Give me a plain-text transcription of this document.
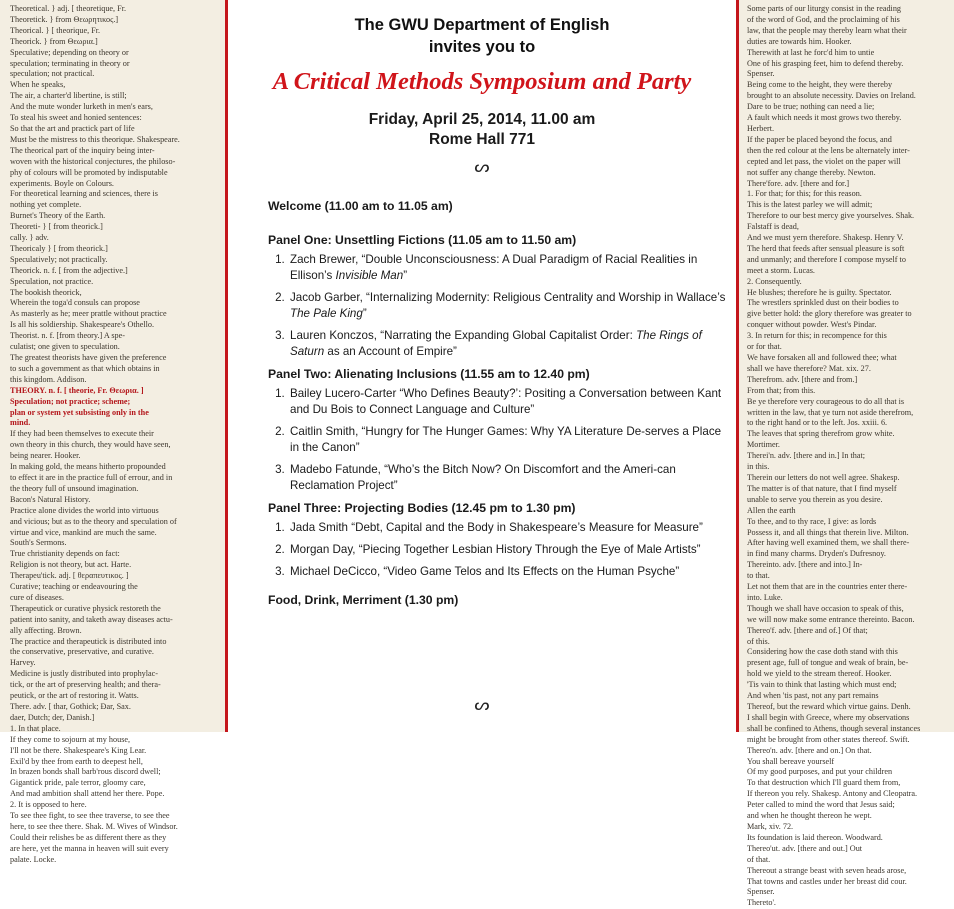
Theoretical. } adj. [ theoretique, Fr.
Theoretick. } from Θεωρητικος.]
Theorical. } [ theorique, Fr.
Theorick. } from Θεωρια.]
Speculative; depending on theory or
speculation; terminating in theory or
speculation; not practical.
When he speaks,
The air, a charter'd libertine, is still;
And the mute wonder lurketh in men's ears,
To steal his sweet and honied sentences:
So that the art and practick part of life
Must be the mistress to this theorique. Shakespeare.
The theorical part of the inquiry being inter-
woven with the historical conjectures, the philoso-
phy of colours will be promoted by indisputable
experiments. Boyle on Colours.
For theoretical learning and sciences, there is
nothing yet complete.
Burnet's Theory of the Earth.
Theoreti- } [ from theorick.]
cally. } adv.
Theoricaly } [ from theorick.]
Speculatively; not practically.
Theorick. n. f. [ from the adjective.]
Speculation, not practice.
The bookish theorick,
Wherein the toga'd consuls can propose
As masterly as he; meer prattle without practice
Is all his soldiership. Shakespeare's Othello.
Theorist. n. f. [from theory.] A spe-
culatist; one given to speculation.
The greatest theorists have given the preference
to such a government as that which obtains in
this kingdom. Addison.
THEORY. n. f. [ theorie, Fr. Θεωρια. ]
Speculation; not practice; scheme;
plan or system yet subsisting only in the
mind.
If they had been themselves to execute their
own theory in this church, they would have seen,
being nearer. Hooker.
In making gold, the means hitherto propounded
to effect it are in the practice full of errour, and in
the theory full of unsound imagination.
Bacon's Natural History.
Practice alone divides the world into virtuous
and vicious; but as to the theory and speculation of
virtue and vice, mankind are much the same.
South's Sermons.
True christianity depends on fact:
Religion is not theory, but act. Harte.
Therapeu'tick. adj. [ θεραπευτικος. ]
Curative; teaching or endeavouring the
cure of diseases.
Therapeutick or curative physick restoreth the
patient into sanity, and taketh away diseases actu-
ally affecting. Brown.
The practice and therapeutick is distributed into
the conservative, preservative, and curative.
Harvey.
Medicine is justly distributed into prophylac-
tick, or the art of preserving health; and thera-
peutick, or the art of restoring it. Watts.
There. adv. [ thar, Gothick; Ɖar, Sax.
daer, Dutch; der, Danish.]
1. In that place.
If they come to sojourn at my house,
I'll not be there. Shakespeare's King Lear.
Exil'd by thee from earth to deepest hell,
In brazen bonds shall barb'rous discord dwell;
Gigantick pride, pale terror, gloomy care,
And mad ambition shall attend her there. Pope.
2. It is opposed to here.
To see thee fight, to see thee traverse, to see thee
here, to see thee there. Shak. M. Wives of Windsor.
Could their relishes be as different there as they
are here, yet the manna in heaven will suit every
palate. Locke.
The GWU Department of English
invites you to
A Critical Methods Symposium and Party
Friday, April 25, 2014, 11.00 am
Rome Hall 771
ᔕ
Welcome (11.00 am to 11.05 am)
Panel One: Unsettling Fictions (11.05 am to 11.50 am)
1. Zach Brewer, “Double Unconsciousness: A Dual Paradigm of Racial Realities in Ellison’s Invisible Man”
2. Jacob Garber, “Internalizing Modernity: Religious Centrality and Worship in Wallace’s The Pale King”
3. Lauren Konczos, “Narrating the Expanding Global Capitalist Order: The Rings of Saturn as an Account of Empire”
Panel Two: Alienating Inclusions (11.55 am to 12.40 pm)
1. Bailey Lucero-Carter “Who Defines Beauty?’: Positing a Conversation between Kant and Du Bois to Connect Language and Culture”
2. Caitlin Smith, “Hungry for The Hunger Games: Why YA Literature De-serves a Place in the Canon”
3. Madebo Fatunde, “Who’s the Bitch Now? On Discomfort and the Ameri-can Reclamation Project”
Panel Three: Projecting Bodies (12.45 pm to 1.30 pm)
1. Jada Smith “Debt, Capital and the Body in Shakespeare’s Measure for Measure”
2. Morgan Day, “Piecing Together Lesbian History Through the Eye of Male Artists”
3. Michael DeCicco, “Video Game Telos and Its Effects on the Human Psyche”
Food, Drink, Merriment (1.30 pm)
ᔕ
Some parts of our liturgy consist in the reading
of the word of God, and the proclaiming of his
law, that the people may thereby learn what their
duties are towards him. Hooker.
Therewith at last he forc'd him to untie
One of his grasping feet, him to defend thereby.
Spenser.
Being come to the height, they were thereby
brought to an absolute necessity. Davies on Ireland.
Dare to be true; nothing can need a lie;
A fault which needs it most grows two thereby.
Herbert.
If the paper be placed beyond the focus, and
then the red colour at the lens be alternately inter-
cepted and let pass, the violet on the paper will
not suffer any change thereby. Newton.
There'fore. adv. [there and for.]
1. For that; for this; for this reason.
This is the latest parley we will admit;
Therefore to our best mercy give yourselves. Shak.
Falstaff is dead,
And we must yern therefore. Shakesp. Henry V.
The herd that feeds after sensual pleasure is soft
and unmanly; and therefore I compose myself to
meet a storm. Lucas.
2. Consequently.
He blushes; therefore he is guilty. Spectator.
The wrestlers sprinkled dust on their bodies to
give better hold: the glory therefore was greater to
conquer without powder. West's Pindar.
3. In return for this; in recompence for this
or for that.
We have forsaken all and followed thee; what
shall we have therefore? Mat. xix. 27.
Therefrom. adv. [there and from.]
From that; from this.
Be ye therefore very courageous to do all that is
written in the law, that ye turn not aside therefrom,
to the right hand or to the left. Jos. xxiii. 6.
The leaves that spring therefrom grow white.
Mortimer.
Therei'n. adv. [there and in.] In that;
in this.
Therein our letters do not well agree. Shakesp.
The matter is of that nature, that I find myself
unable to serve you therein as you desire.
Allen the earth
To thee, and to thy race, I give: as lords
Possess it, and all things that therein live. Milton.
After having well examined them, we shall there-
in find many charms. Dryden's Dufresnoy.
Thereinto. adv. [there and into.] In-
to that.
Let not them that are in the countries enter there-
into. Luke.
Though we shall have occasion to speak of this,
we will now make some entrance thereinto. Bacon.
Thereo'f. adv. [there and of.] Of that;
of this.
Considering how the case doth stand with this
present age, full of tongue and weak of brain, be-
hold we yield to the stream thereof. Hooker.
'Tis vain to think that lasting which must end;
And when 'tis past, not any part remains
Thereof, but the reward which virtue gains. Denh.
I shall begin with Greece, where my observations
shall be confined to Athens, though several instances
might be brought from other states thereof. Swift.
Thereo'n. adv. [there and on.] On that.
You shall bereave yourself
Of my good purposes, and put your children
To that destruction which I'll guard them from,
If thereon you rely. Shakesp. Antony and Cleopatra.
Peter called to mind the word that Jesus said;
and when he thought thereon he wept.
Mark, xiv. 72.
Its foundation is laid thereon. Woodward.
Thereo'ut. adv. [there and out.] Out
of that.
Thereout a strange beast with seven heads arose,
That towns and castles under her breast did cour.
Spenser.
Thereto'.
